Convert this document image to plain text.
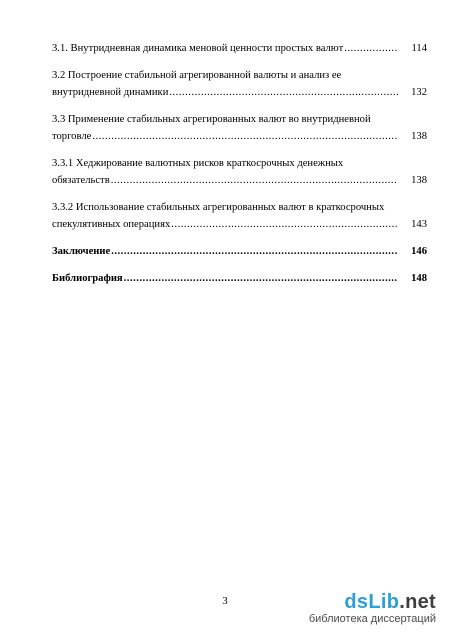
3.1. Внутридневная динамика меновой ценности простых валют .....	114
3.2 Построение стабильной агрегированной валюты и анализ ее
внутридневной динамики .....	132
3.3 Применение стабильных агрегированных валют во внутридневной
торговле .....	138
3.3.1 Хеджирование валютных рисков краткосрочных денежных
обязательств .....	138
3.3.2 Использование стабильных агрегированных валют в краткосрочных
спекулятивных операциях .....	143
Заключение .....	146
Библиография .....	148
3	dsLib.net
библиотека диссертаций
